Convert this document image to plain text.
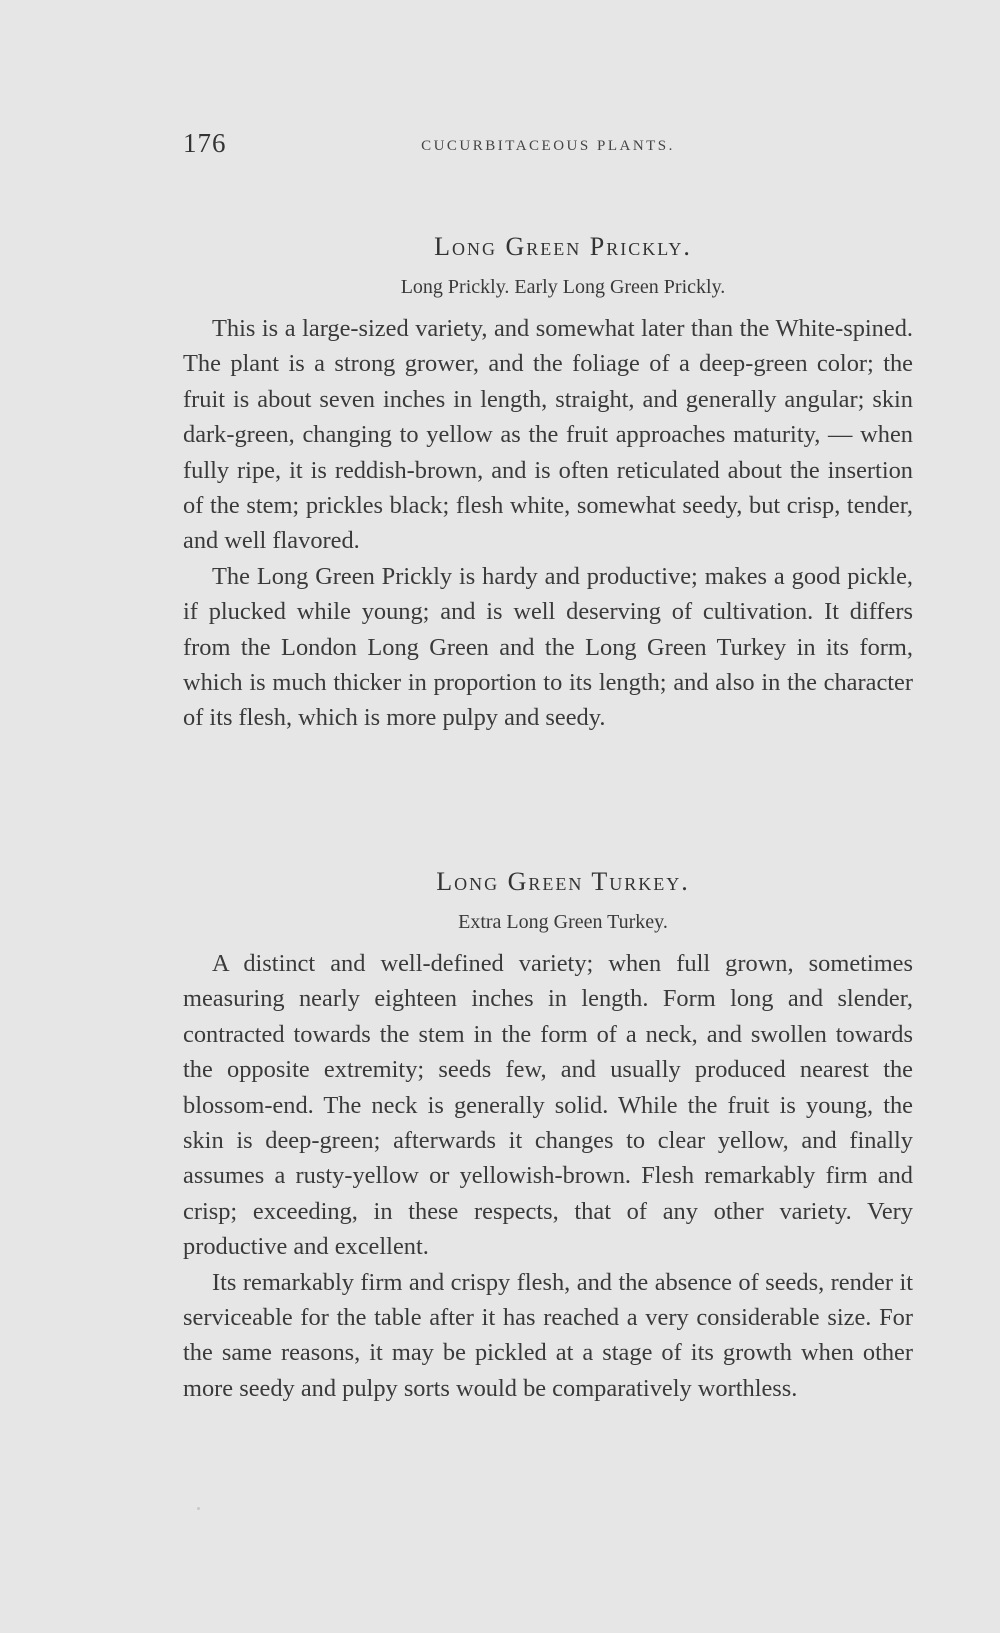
176	CUCURBITACEOUS PLANTS.
Long Green Prickly.
Long Prickly. Early Long Green Prickly.

This is a large-sized variety, and somewhat later than the White-spined. The plant is a strong grower, and the foliage of a deep-green color; the fruit is about seven inches in length, straight, and generally angular; skin dark-green, changing to yellow as the fruit approaches maturity, — when fully ripe, it is reddish-brown, and is often reticulated about the insertion of the stem; prickles black; flesh white, somewhat seedy, but crisp, tender, and well flavored.

The Long Green Prickly is hardy and productive; makes a good pickle, if plucked while young; and is well deserving of cultivation. It differs from the London Long Green and the Long Green Turkey in its form, which is much thicker in proportion to its length; and also in the character of its flesh, which is more pulpy and seedy.

Long Green Turkey.
Extra Long Green Turkey.

A distinct and well-defined variety; when full grown, sometimes measuring nearly eighteen inches in length. Form long and slender, contracted towards the stem in the form of a neck, and swollen towards the opposite extremity; seeds few, and usually produced nearest the blossom-end. The neck is generally solid. While the fruit is young, the skin is deep-green; afterwards it changes to clear yellow, and finally assumes a rusty-yellow or yellowish-brown. Flesh remarkably firm and crisp; exceeding, in these respects, that of any other variety. Very productive and excellent.

Its remarkably firm and crispy flesh, and the absence of seeds, render it serviceable for the table after it has reached a very considerable size. For the same reasons, it may be pickled at a stage of its growth when other more seedy and pulpy sorts would be comparatively worthless.
